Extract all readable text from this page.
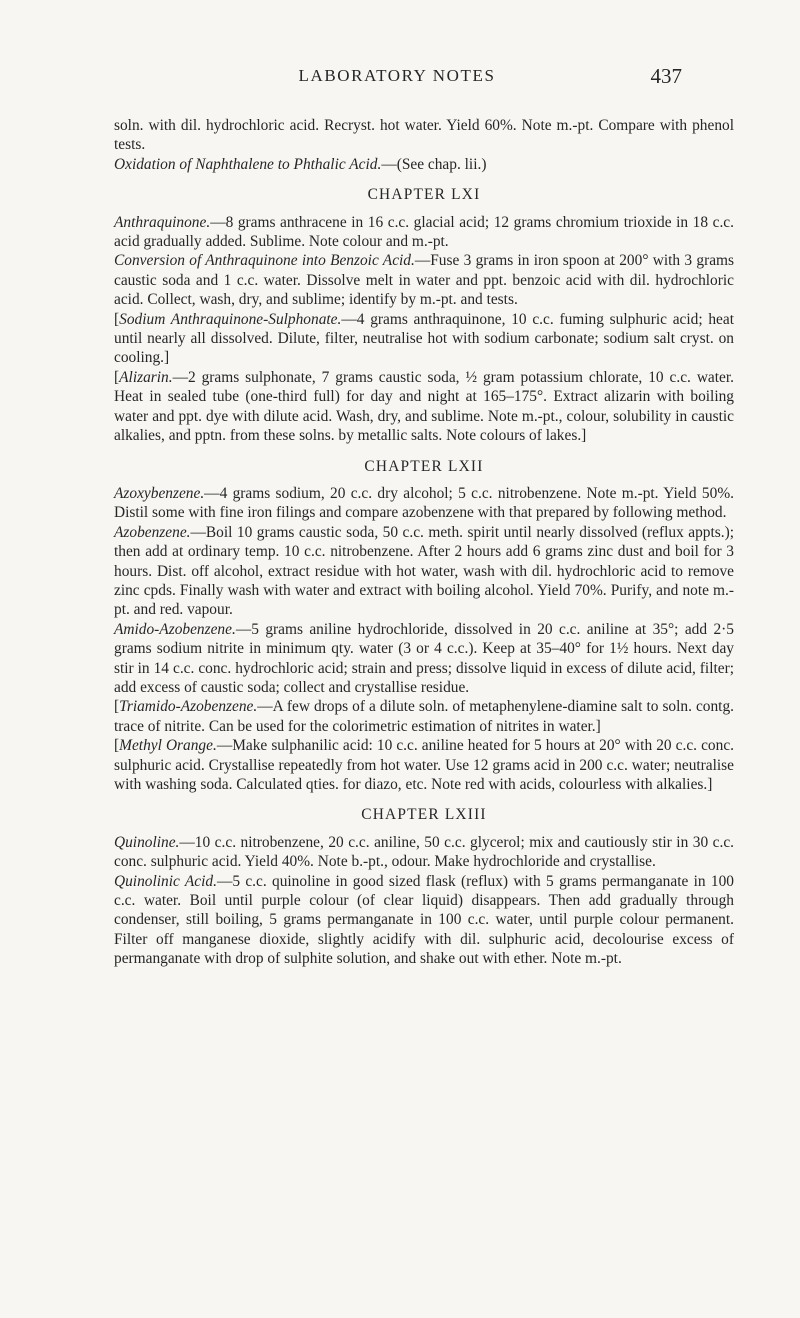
LABORATORY NOTES	437

soln. with dil. hydrochloric acid. Recryst. hot water. Yield 60%. Note m.-pt. Compare with phenol tests.

Oxidation of Naphthalene to Phthalic Acid.—(See chap. lii.)

CHAPTER LXI

Anthraquinone.—8 grams anthracene in 16 c.c. glacial acid; 12 grams chromium trioxide in 18 c.c. acid gradually added. Sublime. Note colour and m.-pt.

Conversion of Anthraquinone into Benzoic Acid.—Fuse 3 grams in iron spoon at 200° with 3 grams caustic soda and 1 c.c. water. Dissolve melt in water and ppt. benzoic acid with dil. hydrochloric acid. Collect, wash, dry, and sublime; identify by m.-pt. and tests.

[Sodium Anthraquinone-Sulphonate.—4 grams anthraquinone, 10 c.c. fuming sulphuric acid; heat until nearly all dissolved. Dilute, filter, neutralise hot with sodium carbonate; sodium salt cryst. on cooling.]

[Alizarin.—2 grams sulphonate, 7 grams caustic soda, ½ gram potassium chlorate, 10 c.c. water. Heat in sealed tube (one-third full) for day and night at 165–175°. Extract alizarin with boiling water and ppt. dye with dilute acid. Wash, dry, and sublime. Note m.-pt., colour, solubility in caustic alkalies, and pptn. from these solns. by metallic salts. Note colours of lakes.]

CHAPTER LXII

Azoxybenzene.—4 grams sodium, 20 c.c. dry alcohol; 5 c.c. nitrobenzene. Note m.-pt. Yield 50%. Distil some with fine iron filings and compare azobenzene with that prepared by following method.

Azobenzene.—Boil 10 grams caustic soda, 50 c.c. meth. spirit until nearly dissolved (reflux appts.); then add at ordinary temp. 10 c.c. nitrobenzene. After 2 hours add 6 grams zinc dust and boil for 3 hours. Dist. off alcohol, extract residue with hot water, wash with dil. hydrochloric acid to remove zinc cpds. Finally wash with water and extract with boiling alcohol. Yield 70%. Purify, and note m.-pt. and red. vapour.

Amido-Azobenzene.—5 grams aniline hydrochloride, dissolved in 20 c.c. aniline at 35°; add 2·5 grams sodium nitrite in minimum qty. water (3 or 4 c.c.). Keep at 35–40° for 1½ hours. Next day stir in 14 c.c. conc. hydrochloric acid; strain and press; dissolve liquid in excess of dilute acid, filter; add excess of caustic soda; collect and crystallise residue.

[Triamido-Azobenzene.—A few drops of a dilute soln. of metaphenylene-diamine salt to soln. contg. trace of nitrite. Can be used for the colorimetric estimation of nitrites in water.]

[Methyl Orange.—Make sulphanilic acid: 10 c.c. aniline heated for 5 hours at 20° with 20 c.c. conc. sulphuric acid. Crystallise repeatedly from hot water. Use 12 grams acid in 200 c.c. water; neutralise with washing soda. Calculated qties. for diazo, etc. Note red with acids, colourless with alkalies.]

CHAPTER LXIII

Quinoline.—10 c.c. nitrobenzene, 20 c.c. aniline, 50 c.c. glycerol; mix and cautiously stir in 30 c.c. conc. sulphuric acid. Yield 40%. Note b.-pt., odour. Make hydrochloride and crystallise.

Quinolinic Acid.—5 c.c. quinoline in good sized flask (reflux) with 5 grams permanganate in 100 c.c. water. Boil until purple colour (of clear liquid) disappears. Then add gradually through condenser, still boiling, 5 grams permanganate in 100 c.c. water, until purple colour permanent. Filter off manganese dioxide, slightly acidify with dil. sulphuric acid, decolourise excess of permanganate with drop of sulphite solution, and shake out with ether. Note m.-pt.
